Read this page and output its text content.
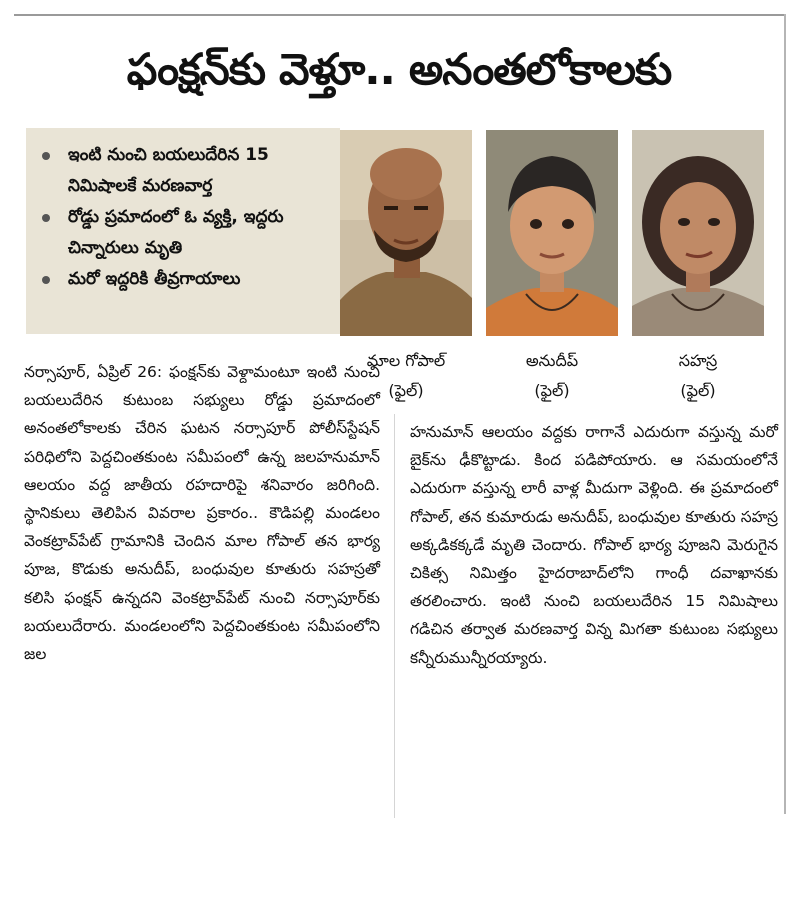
ఫంక్షన్‌కు వెళ్తూ.. అనంతలోకాలకు
ఇంటి నుంచి బయలుదేరిన 15 నిమిషాలకే మరణవార్త
రోడ్డు ప్రమాదంలో ఓ వ్యక్తి, ఇద్దరు చిన్నారులు మృతి
మరో ఇద్దరికి తీవ్రగాయాలు
మాల గోపాల్
(ఫైల్)
అనుదీప్
(ఫైల్)
సహస్ర
(ఫైల్)

నర్సాపూర్, ఏప్రిల్ 26: ఫంక్షన్‌కు వెళ్దామంటూ ఇంటి నుంచి బయలుదేరిన కుటుంబ సభ్యులు రోడ్డు ప్రమాదంలో అనంతలోకాలకు చేరిన ఘటన నర్సాపూర్ పోలీస్‌స్టేషన్ పరిధిలోని పెద్దచింతకుంట సమీపంలో ఉన్న జలహనుమాన్ ఆలయం వద్ద జాతీయ రహదారిపై శనివారం జరిగింది. స్థానికులు తెలిపిన వివరాల ప్రకారం.. కౌడిపల్లి మండలం వెంకట్రావ్‌పేట్ గ్రామానికి చెందిన మాల గోపాల్ తన భార్య పూజ, కొడుకు అనుదీప్, బంధువుల కూతురు సహస్రతో కలిసి ఫంక్షన్ ఉన్నదని వెంకట్రావ్‌పేట్ నుంచి నర్సాపూర్‌కు బయలుదేరారు. మండలంలోని పెద్దచింతకుంట సమీపంలోని జల

హనుమాన్ ఆలయం వద్దకు రాగానే ఎదురుగా వస్తున్న మరో బైక్‌ను ఢీకొట్టాడు. కింద పడిపోయారు. ఆ సమయంలోనే ఎదురుగా వస్తున్న లారీ వాళ్ల మీదుగా వెళ్లింది. ఈ ప్రమాదంలో గోపాల్, తన కుమారుడు అనుదీప్, బంధువుల కూతురు సహస్ర అక్కడికక్కడే మృతి చెందారు. గోపాల్ భార్య పూజని మెరుగైన చికిత్స నిమిత్తం హైదరాబాద్‌లోని గాంధీ దవాఖానకు తరలించారు. ఇంటి నుంచి బయలుదేరిన 15 నిమిషాలు గడిచిన తర్వాత మరణవార్త విన్న మిగతా కుటుంబ సభ్యులు కన్నీరుమున్నీరయ్యారు.
